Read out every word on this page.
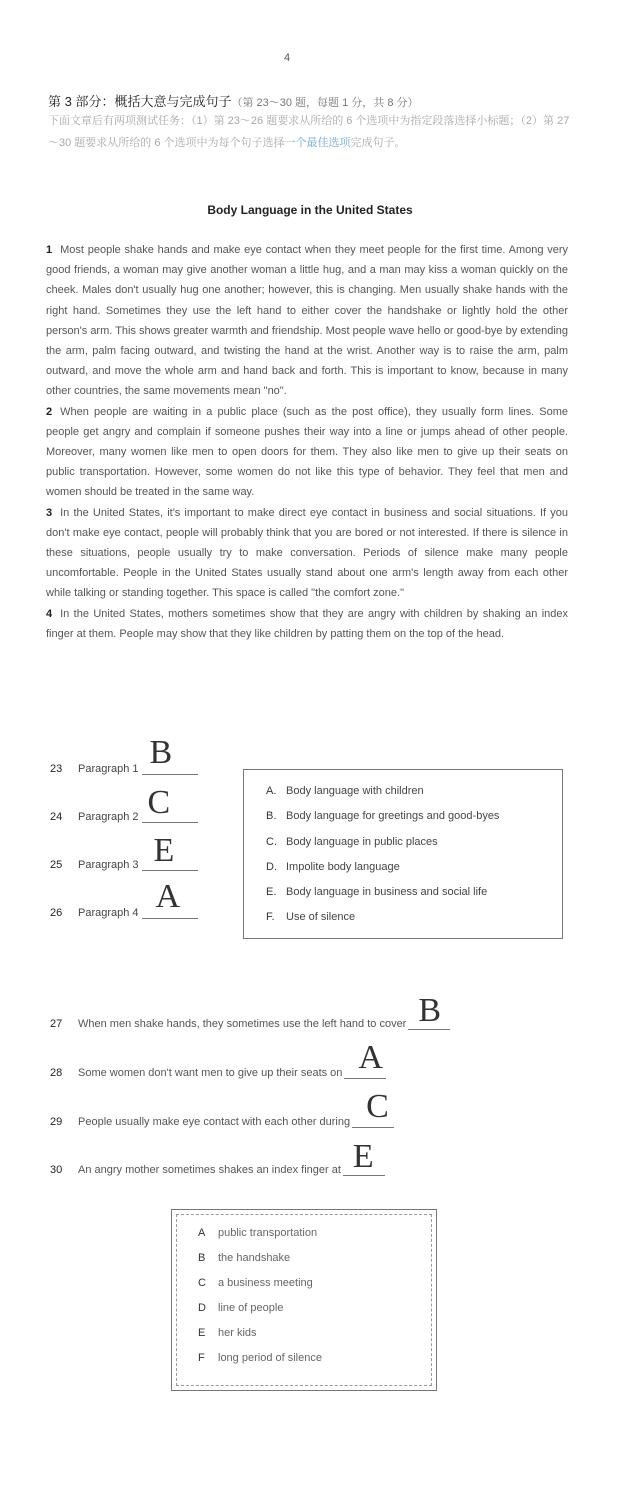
4
第 3 部分：概括大意与完成句子（第 23～30 题，每题 1 分，共 8 分）
下面文章后有两项测试任务：（1）第 23～26 题要求从所给的 6 个选项中为指定段落选择小标题；（2）第 27～30 题要求从所给的 6 个选项中为每个句子选择一个最佳选项完成句子。
Body Language in the United States

1 Most people shake hands and make eye contact when they meet people for the first time. Among very good friends, a woman may give another woman a little hug, and a man may kiss a woman quickly on the cheek. Males don't usually hug one another; however, this is changing. Men usually shake hands with the right hand. Sometimes they use the left hand to either cover the handshake or lightly hold the other person's arm. This shows greater warmth and friendship. Most people wave hello or good-bye by extending the arm, palm facing outward, and twisting the hand at the wrist. Another way is to raise the arm, palm outward, and move the whole arm and hand back and forth. This is important to know, because in many other countries, the same movements mean "no".

2 When people are waiting in a public place (such as the post office), they usually form lines. Some people get angry and complain if someone pushes their way into a line or jumps ahead of other people. Moreover, many women like men to open doors for them. They also like men to give up their seats on public transportation. However, some women do not like this type of behavior. They feel that men and women should be treated in the same way.

3 In the United States, it's important to make direct eye contact in business and social situations. If you don't make eye contact, people will probably think that you are bored or not interested. If there is silence in these situations, people usually try to make conversation. Periods of silence make many people uncomfortable. People in the United States usually stand about one arm's length away from each other while talking or standing together. This space is called "the comfort zone."

4 In the United States, mothers sometimes show that they are angry with children by shaking an index finger at them. People may show that they like children by patting them on the top of the head.

23 Paragraph 1 B
24 Paragraph 2 C
25 Paragraph 3 E
26 Paragraph 4 A
A. Body language with children
B. Body language for greetings and good-byes
C. Body language in public places
D. Impolite body language
E. Body language in business and social life
F. Use of silence
27 When men shake hands, they sometimes use the left hand to cover B
28 Some women don't want men to give up their seats on A
29 People usually make eye contact with each other during C
30 An angry mother sometimes shakes an index finger at E
A public transportation
B the handshake
C a business meeting
D line of people
E her kids
F long period of silence
